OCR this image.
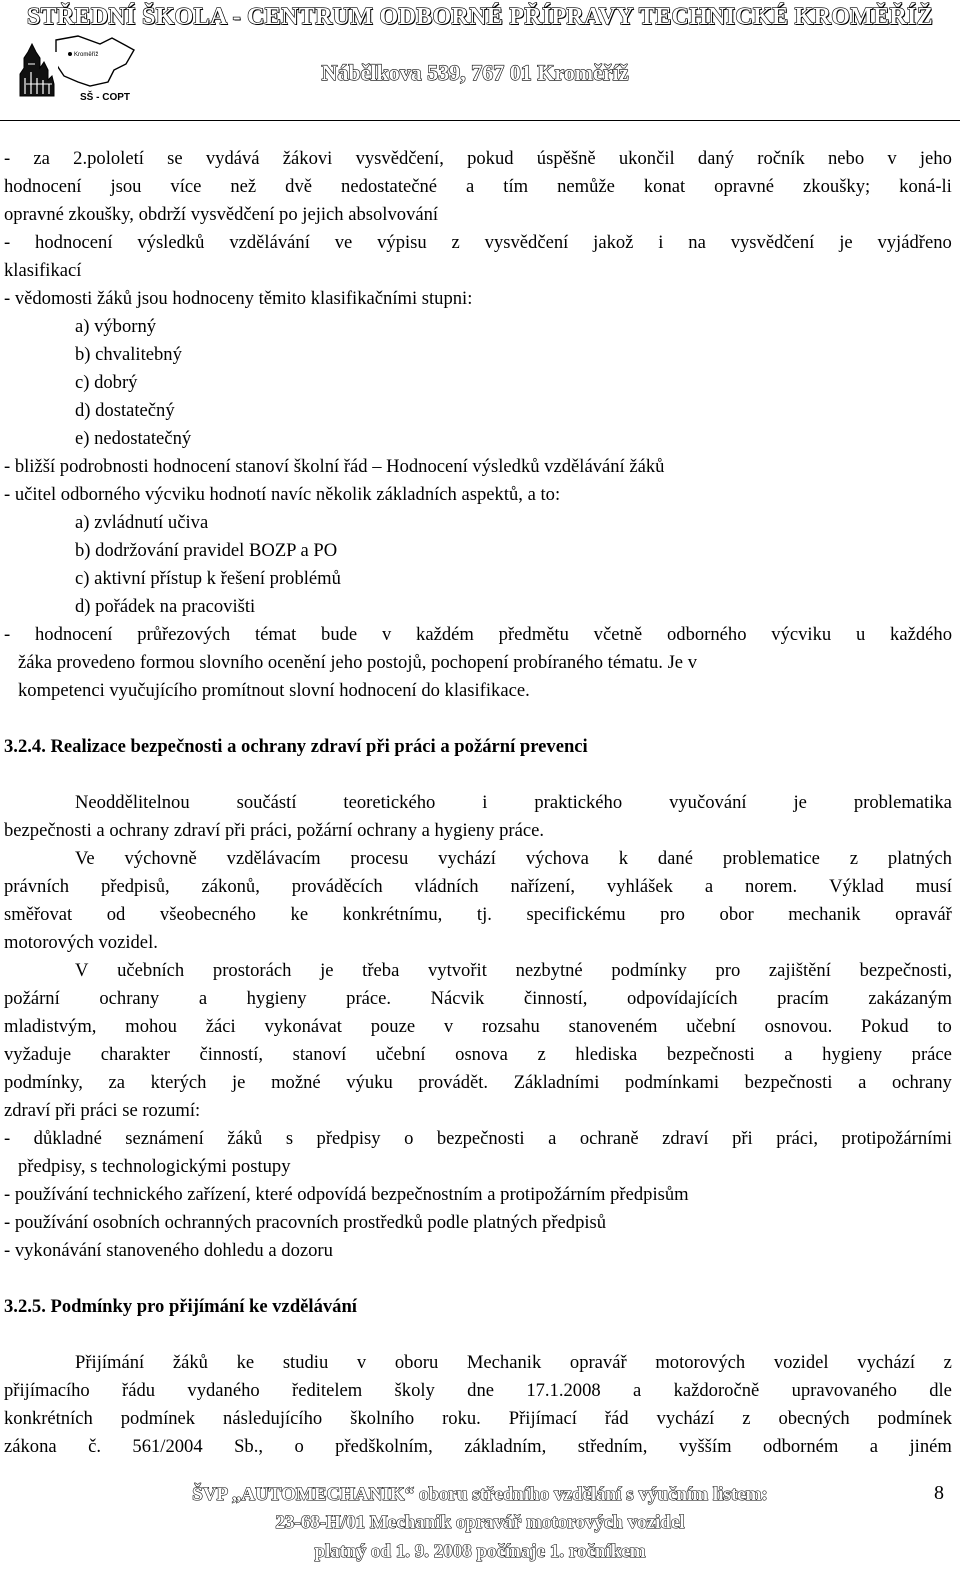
STŘEDNÍ ŠKOLA - CENTRUM ODBORNÉ PŘÍPRAVY TECHNICKÉ KROMĚŘÍŽ
Kroměříž
SŠ - COPT
Nábělkova 539, 767 01 Kroměříž
- za 2.pololetí se vydává žákovi vysvědčení, pokud úspěšně ukončil daný ročník nebo v jeho
hodnocení jsou více než dvě nedostatečné a tím nemůže konat opravné zkoušky; koná-li
opravné zkoušky, obdrží vysvědčení po jejich absolvování
- hodnocení výsledků vzdělávání ve výpisu z vysvědčení jakož i na vysvědčení je vyjádřeno
klasifikací
- vědomosti žáků jsou hodnoceny těmito klasifikačními stupni:
a) výborný
b) chvalitebný
c) dobrý
d) dostatečný
e) nedostatečný
- bližší podrobnosti hodnocení stanoví školní řád – Hodnocení výsledků vzdělávání žáků
- učitel odborného výcviku hodnotí navíc několik základních aspektů, a to:
a) zvládnutí učiva
b) dodržování pravidel BOZP a PO
c) aktivní přístup k řešení problémů
d) pořádek na pracovišti
- hodnocení průřezových témat bude v každém předmětu včetně odborného výcviku u každého
žáka provedeno formou slovního ocenění jeho postojů, pochopení probíraného tématu. Je v
kompetenci vyučujícího promítnout slovní hodnocení do klasifikace.
3.2.4. Realizace bezpečnosti a ochrany zdraví při práci a požární prevenci
Neoddělitelnou	součástí	teoretického	i	praktického	vyučování	je	problematika
bezpečnosti a ochrany zdraví při práci, požární ochrany a hygieny práce.
Ve výchovně vzdělávacím procesu vychází výchova k dané problematice z platných
právních předpisů, zákonů, prováděcích vládních nařízení, vyhlášek a norem. Výklad musí
směřovat od všeobecného ke konkrétnímu, tj. specifickému pro obor mechanik opravář
motorových vozidel.
V učebních prostorách je třeba vytvořit nezbytné podmínky pro zajištění bezpečnosti,
požární ochrany a hygieny práce. Nácvik činností, odpovídajících pracím zakázaným
mladistvým, mohou žáci vykonávat pouze v rozsahu stanoveném učební osnovou. Pokud to
vyžaduje charakter činností, stanoví učební osnova z hlediska bezpečnosti a hygieny práce
podmínky, za kterých je možné výuku provádět. Základními podmínkami bezpečnosti a ochrany
zdraví při práci se rozumí:
- důkladné seznámení žáků s předpisy o bezpečnosti a ochraně zdraví při práci, protipožárními
předpisy, s technologickými postupy
- používání technického zařízení, které odpovídá bezpečnostním a protipožárním předpisům
- používání osobních ochranných pracovních prostředků podle platných předpisů
- vykonávání stanoveného dohledu a dozoru
3.2.5. Podmínky pro přijímání ke vzdělávání
Přijímání žáků ke studiu v oboru Mechanik opravář motorových vozidel vychází z
přijímacího řádu vydaného ředitelem školy dne 17.1.2008 a každoročně upravovaného dle
konkrétních podmínek následujícího školního roku. Přijímací řád vychází z obecných podmínek
zákona č. 561/2004 Sb., o předškolním, základním, středním, vyšším odborném a jiném
ŠVP „AUTOMECHANIK“ oboru středního vzdělání s výučním listem:
23-68-H/01 Mechanik opravář motorových vozidel
platný od 1. 9. 2008 počínaje 1. ročníkem
8
